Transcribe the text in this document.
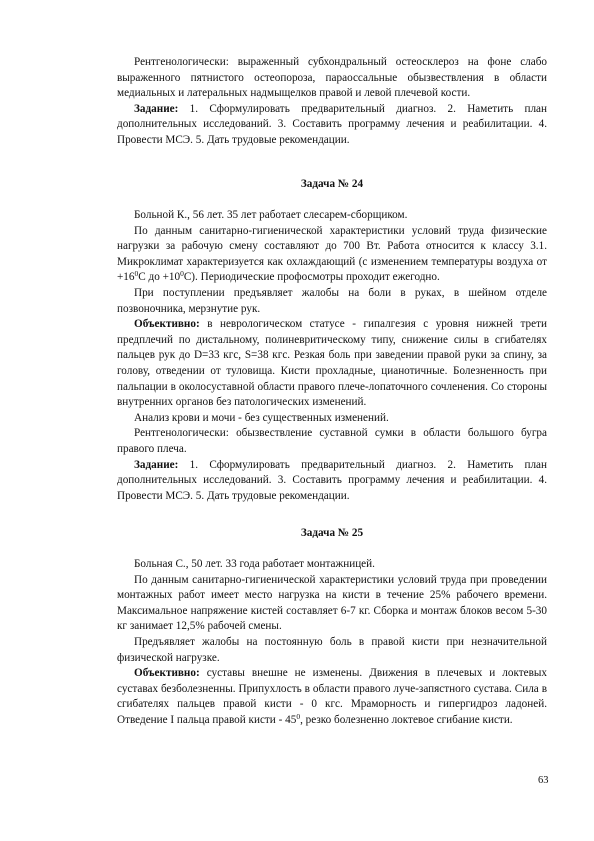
Рентгенологически: выраженный субхондральный остеосклероз на фоне слабо выраженного пятнистого остеопороза, параоссальные обызвествления в области медиальных и латеральных надмыщелков правой и левой плечевой кости.

Задание: 1. Сформулировать предварительный диагноз. 2. Наметить план дополнительных исследований. 3. Составить программу лечения и реабилитации. 4. Провести МСЭ. 5. Дать трудовые рекомендации.

Задача № 24

Больной К., 56 лет. 35 лет работает слесарем-сборщиком.

По данным санитарно-гигиенической характеристики условий труда физические нагрузки за рабочую смену составляют до 700 Вт. Работа относится к классу 3.1. Микроклимат характеризуется как охлаждающий (с изменением температуры воздуха от $+16^0С$ до $+10^0С$). Периодические профосмотры проходит ежегодно.

При поступлении предъявляет жалобы на боли в руках, в шейном отделе позвоночника, мерзнутие рук.

Объективно: в неврологическом статусе - гипалгезия с уровня нижней трети предплечий по дистальному, полиневритическому типу, снижение силы в сгибателях пальцев рук до D=33 кгс, S=38 кгс. Резкая боль при заведении правой руки за спину, за голову, отведении от туловища. Кисти прохладные, цианотичные. Болезненность при пальпации в околосуставной области правого плече-лопаточного сочленения. Со стороны внутренних органов без патологических изменений.

Анализ крови и мочи - без существенных изменений.

Рентгенологически: обызвествление суставной сумки в области большого бугра правого плеча.

Задание: 1. Сформулировать предварительный диагноз. 2. Наметить план дополнительных исследований. 3. Составить программу лечения и реабилитации. 4. Провести МСЭ. 5. Дать трудовые рекомендации.

Задача № 25

Больная С., 50 лет. 33 года работает монтажницей.

По данным санитарно-гигиенической характеристики условий труда при проведении монтажных работ имеет место нагрузка на кисти в течение 25% рабочего времени. Максимальное напряжение кистей составляет 6-7 кг. Сборка и монтаж блоков весом 5-30 кг занимает 12,5% рабочей смены.

Предъявляет жалобы на постоянную боль в правой кисти при незначительной физической нагрузке.

Объективно: суставы внешне не изменены. Движения в плечевых и локтевых суставах безболезненны. Припухлость в области правого луче-запястного сустава. Сила в сгибателях пальцев правой кисти - 0 кгс. Мраморность и гипергидроз ладоней. Отведение I пальца правой кисти - $45^0$, резко болезненно локтевое сгибание кисти.

63
